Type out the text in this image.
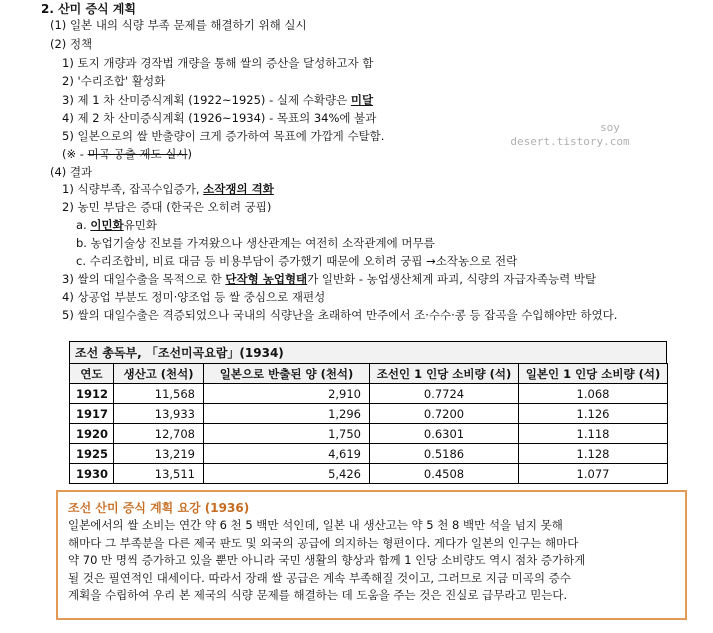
2. 산미 증식 계획
(1) 일본 내의 식량 부족 문제를 해결하기 위해 실시
(2) 정책
1) 토지 개량과 경작법 개량을 통해 쌀의 증산을 달성하고자 함
2) '수리조합' 활성화
3) 제 1 차 산미증식계획 (1922~1925) - 실제 수확량은 미달
4) 제 2 차 산미증식계획 (1926~1934) - 목표의 34%에 불과
5) 일본으로의 쌀 반출량이 크게 증가하여 목표에 가깝게 수탈함.
(※ - 미곡 공출 제도 실시)
soy
desert.tistory.com
(4) 결과
1) 식량부족, 잡곡수입증가, 소작쟁의 격화
2) 농민 부담은 증대 (한국은 오히려 궁핍)
a. 이민화유민화
b. 농업기술상 진보를 가져왔으나 생산관계는 여전히 소작관계에 머무름
c. 수리조합비, 비료 대금 등 비용부담이 증가했기 때문에 오히려 궁핍 →소작농으로 전락
3) 쌀의 대일수출을 목적으로 한 단작형 농업형태가 일반화 - 농업생산체계 파괴, 식량의 자급자족능력 박탈
4) 상공업 부분도 정미·양조업 등 쌀 중심으로 재편성
5) 쌀의 대일수출은 격증되었으나 국내의 식량난을 초래하여 만주에서 조·수수·콩 등 잡곡을 수입해야만 하였다.
조선 총독부, 「조선미곡요람」(1934)
연도	생산고 (천석)	일본으로 반출된 양 (천석)	조선인 1 인당 소비량 (석)	일본인 1 인당 소비량 (석)
1912	11,568	2,910	0.7724	1.068
1917	13,933	1,296	0.7200	1.126
1920	12,708	1,750	0.6301	1.118
1925	13,219	4,619	0.5186	1.128
1930	13,511	5,426	0.4508	1.077
조선 산미 증식 계획 요강 (1936)
일본에서의 쌀 소비는 연간 약 6 천 5 백만 석인데, 일본 내 생산고는 약 5 천 8 백만 석을 넘지 못해
해마다 그 부족분을 다른 제국 판도 및 외국의 공급에 의지하는 형편이다. 게다가 일본의 인구는 해마다
약 70 만 명씩 증가하고 있을 뿐만 아니라 국민 생활의 향상과 함께 1 인당 소비량도 역시 점차 증가하게
될 것은 필연적인 대세이다. 따라서 장래 쌀 공급은 계속 부족해질 것이고, 그러므로 지금 미곡의 증수
계획을 수립하여 우리 본 제국의 식량 문제를 해결하는 데 도움을 주는 것은 진실로 급무라고 믿는다.
